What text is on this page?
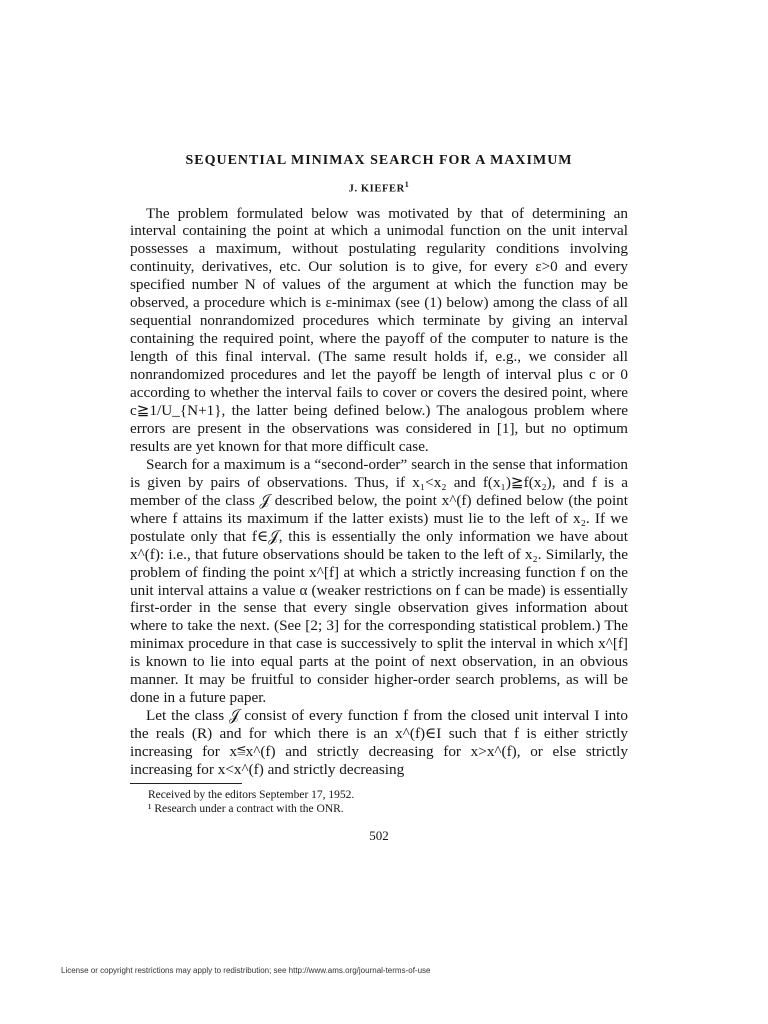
SEQUENTIAL MINIMAX SEARCH FOR A MAXIMUM
J. KIEFER$^1$

The problem formulated below was motivated by that of determining an interval containing the point at which a unimodal function on the unit interval possesses a maximum, without postulating regularity conditions involving continuity, derivatives, etc. Our solution is to give, for every ε>0 and every specified number N of values of the argument at which the function may be observed, a procedure which is ε-minimax (see (1) below) among the class of all sequential nonrandomized procedures which terminate by giving an interval containing the required point, where the payoff of the computer to nature is the length of this final interval. (The same result holds if, e.g., we consider all nonrandomized procedures and let the payoff be length of interval plus c or 0 according to whether the interval fails to cover or covers the desired point, where c≧1/U_{N+1}, the latter being defined below.) The analogous problem where errors are present in the observations was considered in [1], but no optimum results are yet known for that more difficult case.

Search for a maximum is a “second-order” search in the sense that information is given by pairs of observations. Thus, if x₁<x₂ and f(x₁)≧f(x₂), and f is a member of the class 𝒥 described below, the point x^(f) defined below (the point where f attains its maximum if the latter exists) must lie to the left of x₂. If we postulate only that f∈𝒥, this is essentially the only information we have about x^(f): i.e., that future observations should be taken to the left of x₂. Similarly, the problem of finding the point x^[f] at which a strictly increasing function f on the unit interval attains a value α (weaker restrictions on f can be made) is essentially first-order in the sense that every single observation gives information about where to take the next. (See [2; 3] for the corresponding statistical problem.) The minimax procedure in that case is successively to split the interval in which x^[f] is known to lie into equal parts at the point of next observation, in an obvious manner. It may be fruitful to consider higher-order search problems, as will be done in a future paper.

Let the class 𝒥 consist of every function f from the closed unit interval I into the reals (R) and for which there is an x^(f)∈I such that f is either strictly increasing for x≦x^(f) and strictly decreasing for x>x^(f), or else strictly increasing for x<x^(f) and strictly decreasing

Received by the editors September 17, 1952.

¹ Research under a contract with the ONR.

502
License or copyright restrictions may apply to redistribution; see http://www.ams.org/journal-terms-of-use
